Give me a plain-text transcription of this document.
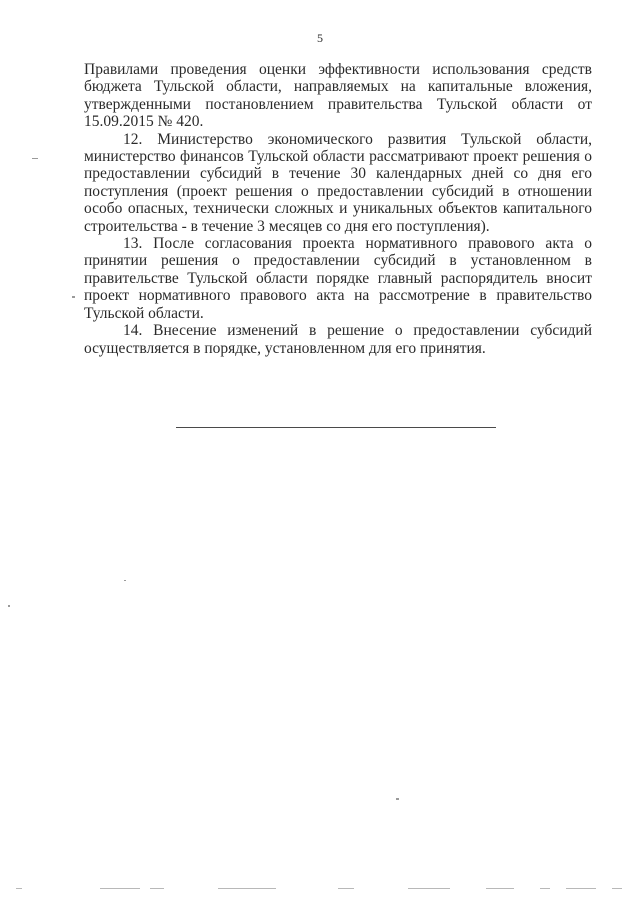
5

Правилами проведения оценки эффективности использования средств бюджета Тульской области, направляемых на капитальные вложения, утвержденными постановлением правительства Тульской области от 15.09.2015 № 420.

12. Министерство экономического развития Тульской области, министерство финансов Тульской области рассматривают проект решения о предоставлении субсидий в течение 30 календарных дней со дня его поступления (проект решения о предоставлении субсидий в отношении особо опасных, технически сложных и уникальных объектов капитального строительства - в течение 3 месяцев со дня его поступления).

13. После согласования проекта нормативного правового акта о принятии решения о предоставлении субсидий в установленном в правительстве Тульской области порядке главный распорядитель вносит проект нормативного правового акта на рассмотрение в правительство Тульской области.

14. Внесение изменений в решение о предоставлении субсидий осуществляется в порядке, установленном для его принятия.
